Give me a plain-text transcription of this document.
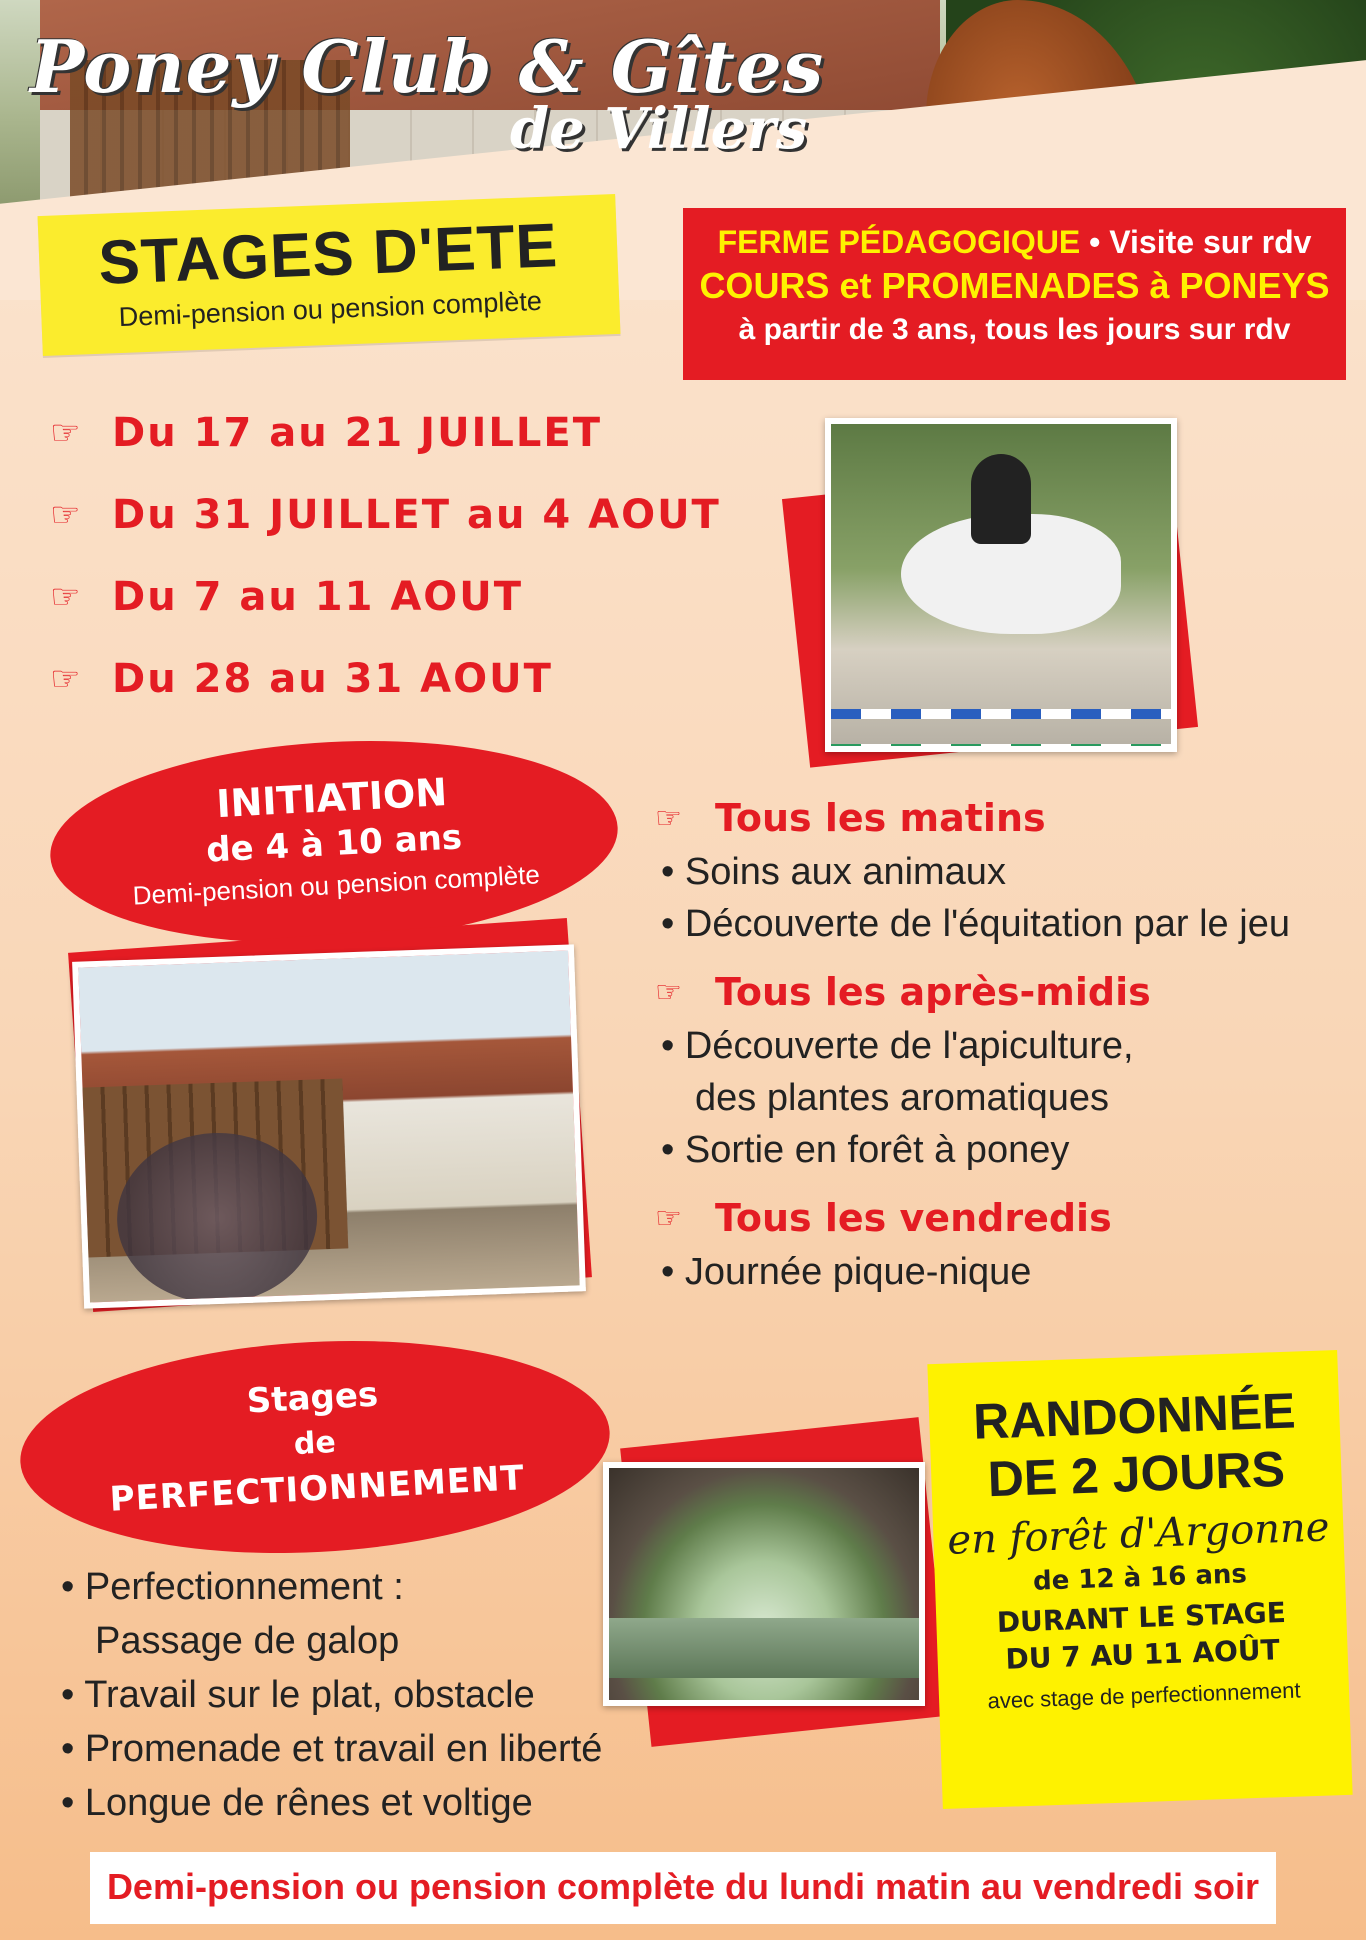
Poney Club & Gîtes
de Villers
STAGES D'ETE
Demi-pension ou pension complète
FERME PÉDAGOGIQUE • Visite sur rdv
COURS et PROMENADES à PONEYS
à partir de 3 ans, tous les jours sur rdv
☞ Du 17 au 21 JUILLET
☞ Du 31 JUILLET au 4 AOUT
☞ Du 7 au 11 AOUT
☞ Du 28 au 31 AOUT
INITIATION
de 4 à 10 ans
Demi-pension ou pension complète
☞ Tous les matins
• Soins aux animaux
• Découverte de l'équitation par le jeu
☞ Tous les après-midis
• Découverte de l'apiculture,
des plantes aromatiques
• Sortie en forêt à poney
☞ Tous les vendredis
• Journée pique-nique
Stages
de
PERFECTIONNEMENT
• Perfectionnement :
Passage de galop
• Travail sur le plat, obstacle
• Promenade et travail en liberté
• Longue de rênes et voltige
RANDONNÉE
DE 2 JOURS
en forêt d'Argonne
de 12 à 16 ans
DURANT LE STAGE
DU 7 AU 11 AOÛT
avec stage de perfectionnement
Demi-pension ou pension complète du lundi matin au vendredi soir
